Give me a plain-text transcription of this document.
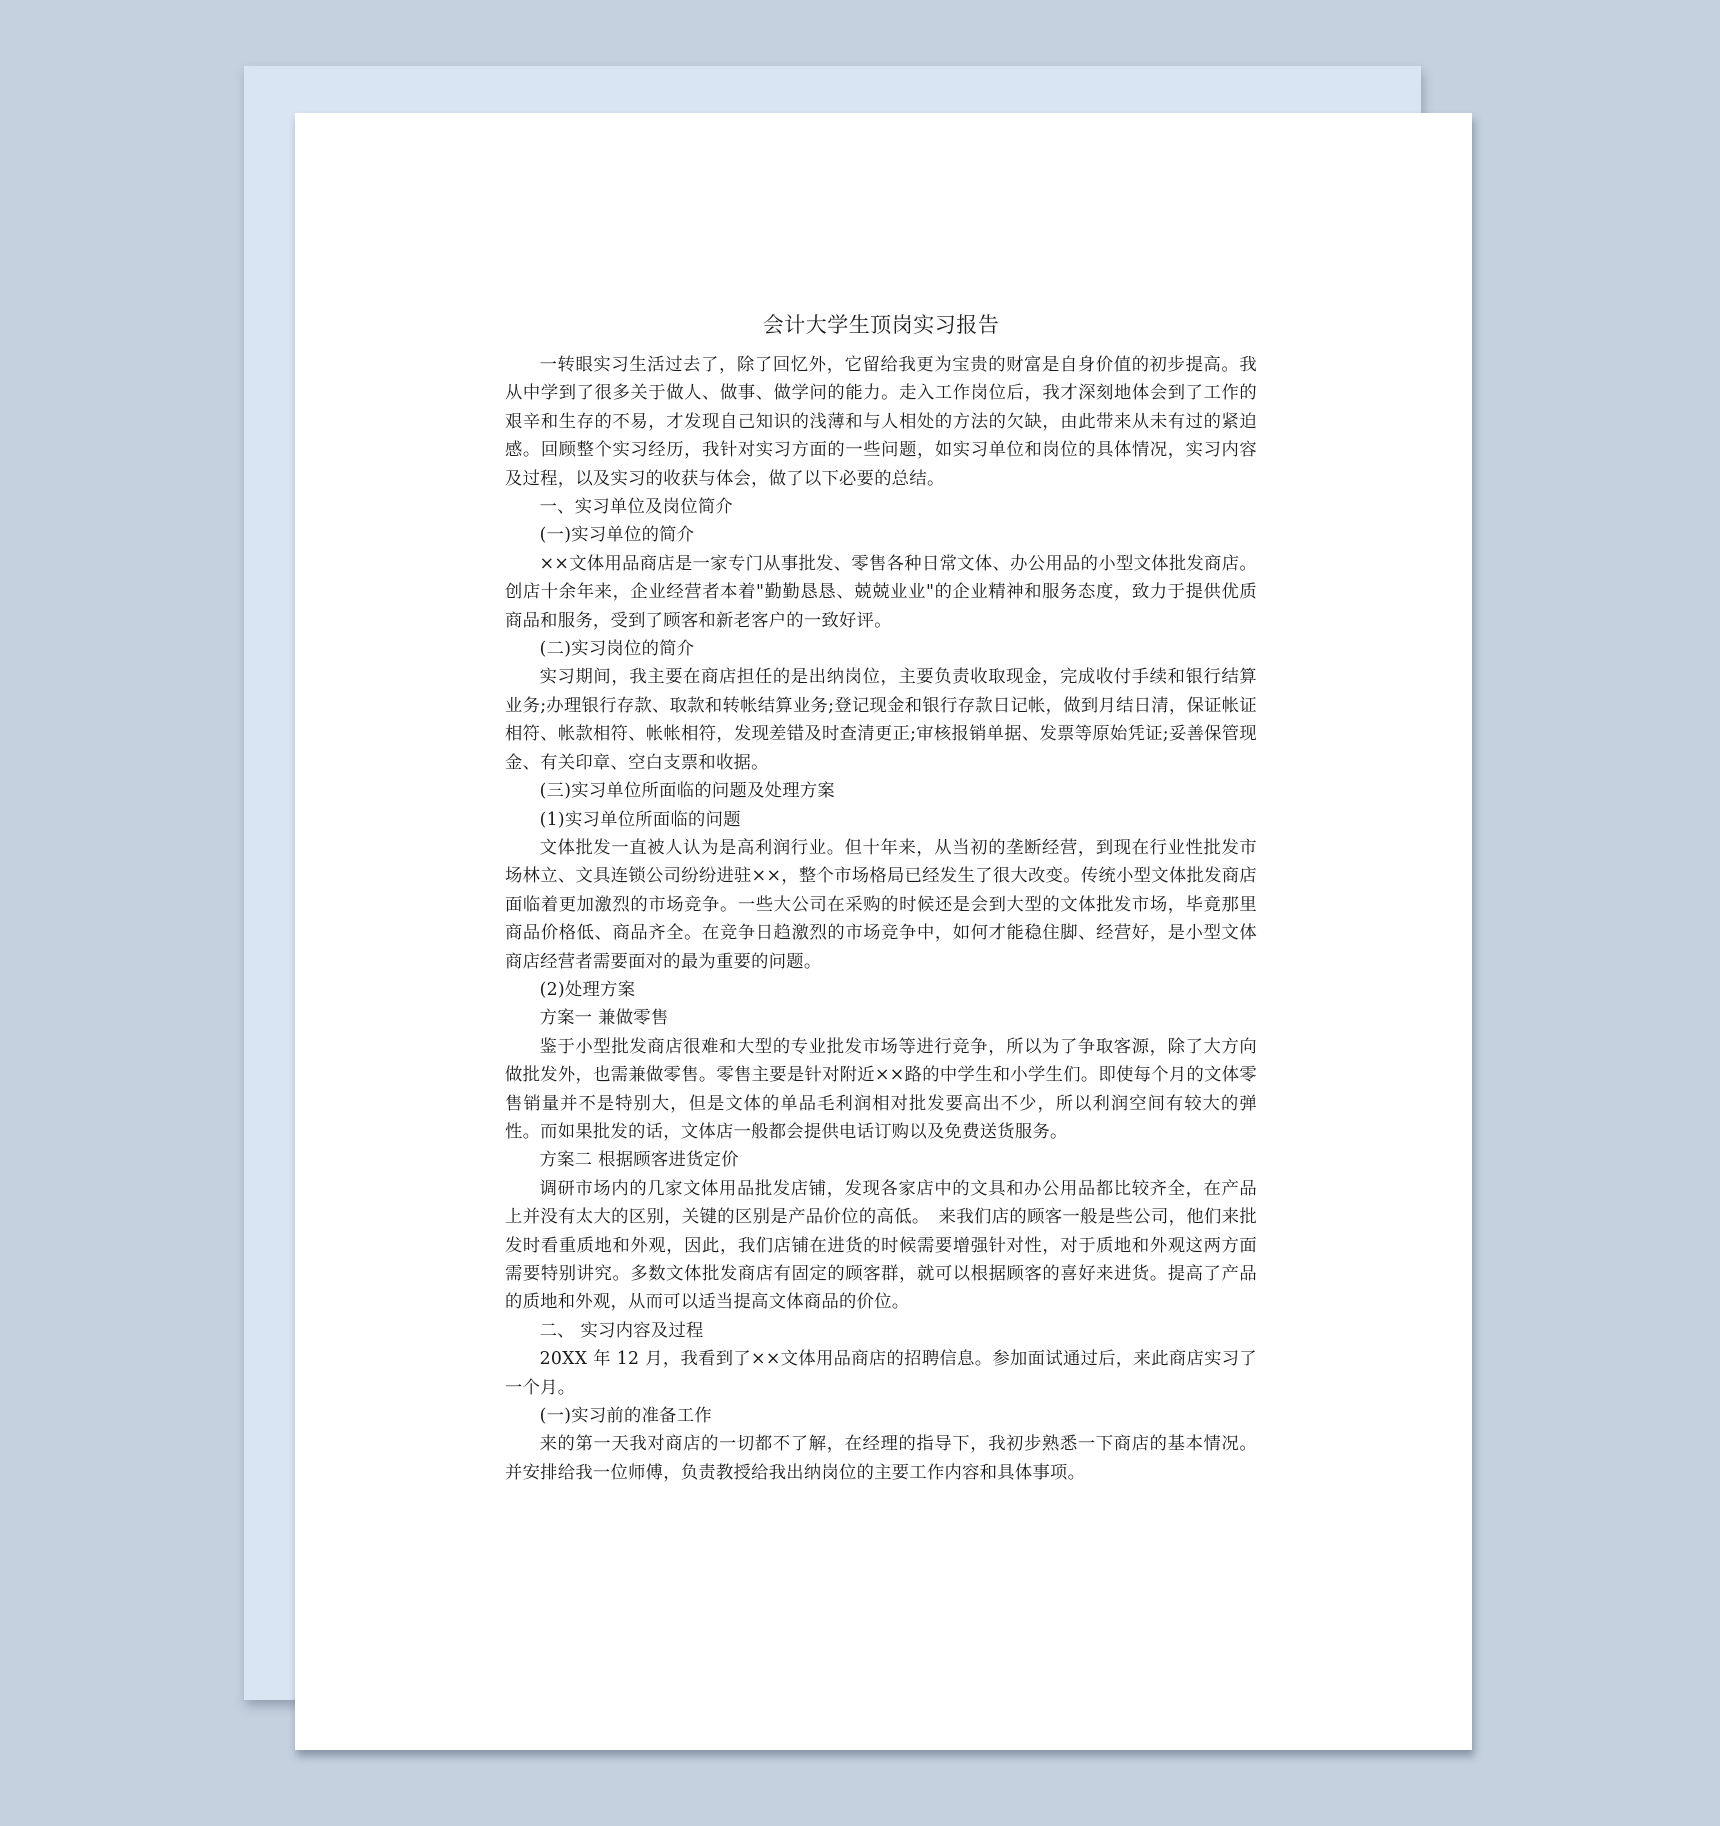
会计大学生顶岗实习报告

一转眼实习生活过去了，除了回忆外，它留给我更为宝贵的财富是自身价值的初步提高。我从中学到了很多关于做人、做事、做学问的能力。走入工作岗位后，我才深刻地体会到了工作的艰辛和生存的不易，才发现自己知识的浅薄和与人相处的方法的欠缺，由此带来从未有过的紧迫感。回顾整个实习经历，我针对实习方面的一些问题，如实习单位和岗位的具体情况，实习内容及过程，以及实习的收获与体会，做了以下必要的总结。

一、实习单位及岗位简介

(一)实习单位的简介

××文体用品商店是一家专门从事批发、零售各种日常文体、办公用品的小型文体批发商店。创店十余年来，企业经营者本着"勤勤恳恳、兢兢业业"的企业精神和服务态度，致力于提供优质商品和服务，受到了顾客和新老客户的一致好评。

(二)实习岗位的简介

实习期间，我主要在商店担任的是出纳岗位，主要负责收取现金，完成收付手续和银行结算业务;办理银行存款、取款和转帐结算业务;登记现金和银行存款日记帐，做到月结日清，保证帐证相符、帐款相符、帐帐相符，发现差错及时查清更正;审核报销单据、发票等原始凭证;妥善保管现金、有关印章、空白支票和收据。

(三)实习单位所面临的问题及处理方案

(1)实习单位所面临的问题

文体批发一直被人认为是高利润行业。但十年来，从当初的垄断经营，到现在行业性批发市场林立、文具连锁公司纷纷进驻××，整个市场格局已经发生了很大改变。传统小型文体批发商店面临着更加激烈的市场竞争。一些大公司在采购的时候还是会到大型的文体批发市场，毕竟那里商品价格低、商品齐全。在竞争日趋激烈的市场竞争中，如何才能稳住脚、经营好，是小型文体商店经营者需要面对的最为重要的问题。

(2)处理方案

方案一 兼做零售

鉴于小型批发商店很难和大型的专业批发市场等进行竞争，所以为了争取客源，除了大方向做批发外，也需兼做零售。零售主要是针对附近××路的中学生和小学生们。即使每个月的文体零售销量并不是特别大，但是文体的单品毛利润相对批发要高出不少，所以利润空间有较大的弹性。而如果批发的话，文体店一般都会提供电话订购以及免费送货服务。

方案二 根据顾客进货定价

调研市场内的几家文体用品批发店铺，发现各家店中的文具和办公用品都比较齐全，在产品上并没有太大的区别，关键的区别是产品价位的高低。　来我们店的顾客一般是些公司，他们来批发时看重质地和外观，因此，我们店铺在进货的时候需要增强针对性，对于质地和外观这两方面需要特别讲究。多数文体批发商店有固定的顾客群，就可以根据顾客的喜好来进货。提高了产品的质地和外观，从而可以适当提高文体商品的价位。

二、 实习内容及过程

20XX 年 12 月，我看到了××文体用品商店的招聘信息。参加面试通过后，来此商店实习了一个月。

(一)实习前的准备工作

来的第一天我对商店的一切都不了解，在经理的指导下，我初步熟悉一下商店的基本情况。并安排给我一位师傅，负责教授给我出纳岗位的主要工作内容和具体事项。
